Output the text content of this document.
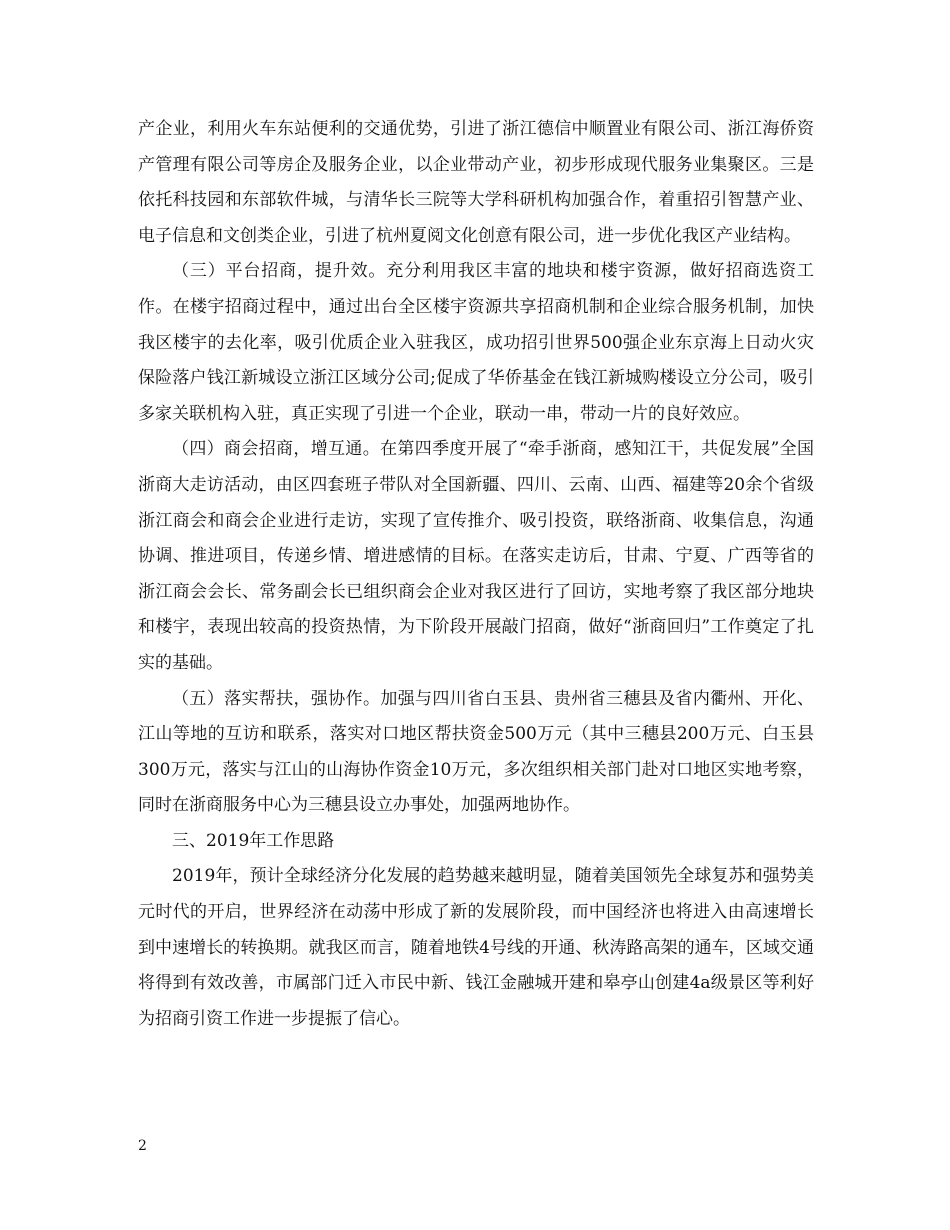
产企业，利用火车东站便利的交通优势，引进了浙江德信中顺置业有限公司、浙江海侨资产管理有限公司等房企及服务企业，以企业带动产业，初步形成现代服务业集聚区。三是依托科技园和东部软件城，与清华长三院等大学科研机构加强合作，着重招引智慧产业、电子信息和文创类企业，引进了杭州夏阅文化创意有限公司，进一步优化我区产业结构。

（三）平台招商，提升效。充分利用我区丰富的地块和楼宇资源，做好招商选资工作。在楼宇招商过程中，通过出台全区楼宇资源共享招商机制和企业综合服务机制，加快我区楼宇的去化率，吸引优质企业入驻我区，成功招引世界500强企业东京海上日动火灾保险落户钱江新城设立浙江区域分公司;促成了华侨基金在钱江新城购楼设立分公司，吸引多家关联机构入驻，真正实现了引进一个企业，联动一串，带动一片的良好效应。

（四）商会招商，增互通。在第四季度开展了“牵手浙商，感知江干，共促发展”全国浙商大走访活动，由区四套班子带队对全国新疆、四川、云南、山西、福建等20余个省级浙江商会和商会企业进行走访，实现了宣传推介、吸引投资，联络浙商、收集信息，沟通协调、推进项目，传递乡情、增进感情的目标。在落实走访后，甘肃、宁夏、广西等省的浙江商会会长、常务副会长已组织商会企业对我区进行了回访，实地考察了我区部分地块和楼宇，表现出较高的投资热情，为下阶段开展敲门招商，做好“浙商回归”工作奠定了扎实的基础。

（五）落实帮扶，强协作。加强与四川省白玉县、贵州省三穗县及省内衢州、开化、江山等地的互访和联系，落实对口地区帮扶资金500万元（其中三穗县200万元、白玉县300万元，落实与江山的山海协作资金10万元，多次组织相关部门赴对口地区实地考察，同时在浙商服务中心为三穗县设立办事处，加强两地协作。

三、2019年工作思路

2019年，预计全球经济分化发展的趋势越来越明显，随着美国领先全球复苏和强势美元时代的开启，世界经济在动荡中形成了新的发展阶段，而中国经济也将进入由高速增长到中速增长的转换期。就我区而言，随着地铁4号线的开通、秋涛路高架的通车，区域交通将得到有效改善，市属部门迁入市民中新、钱江金融城开建和皋亭山创建4a级景区等利好为招商引资工作进一步提振了信心。

2
